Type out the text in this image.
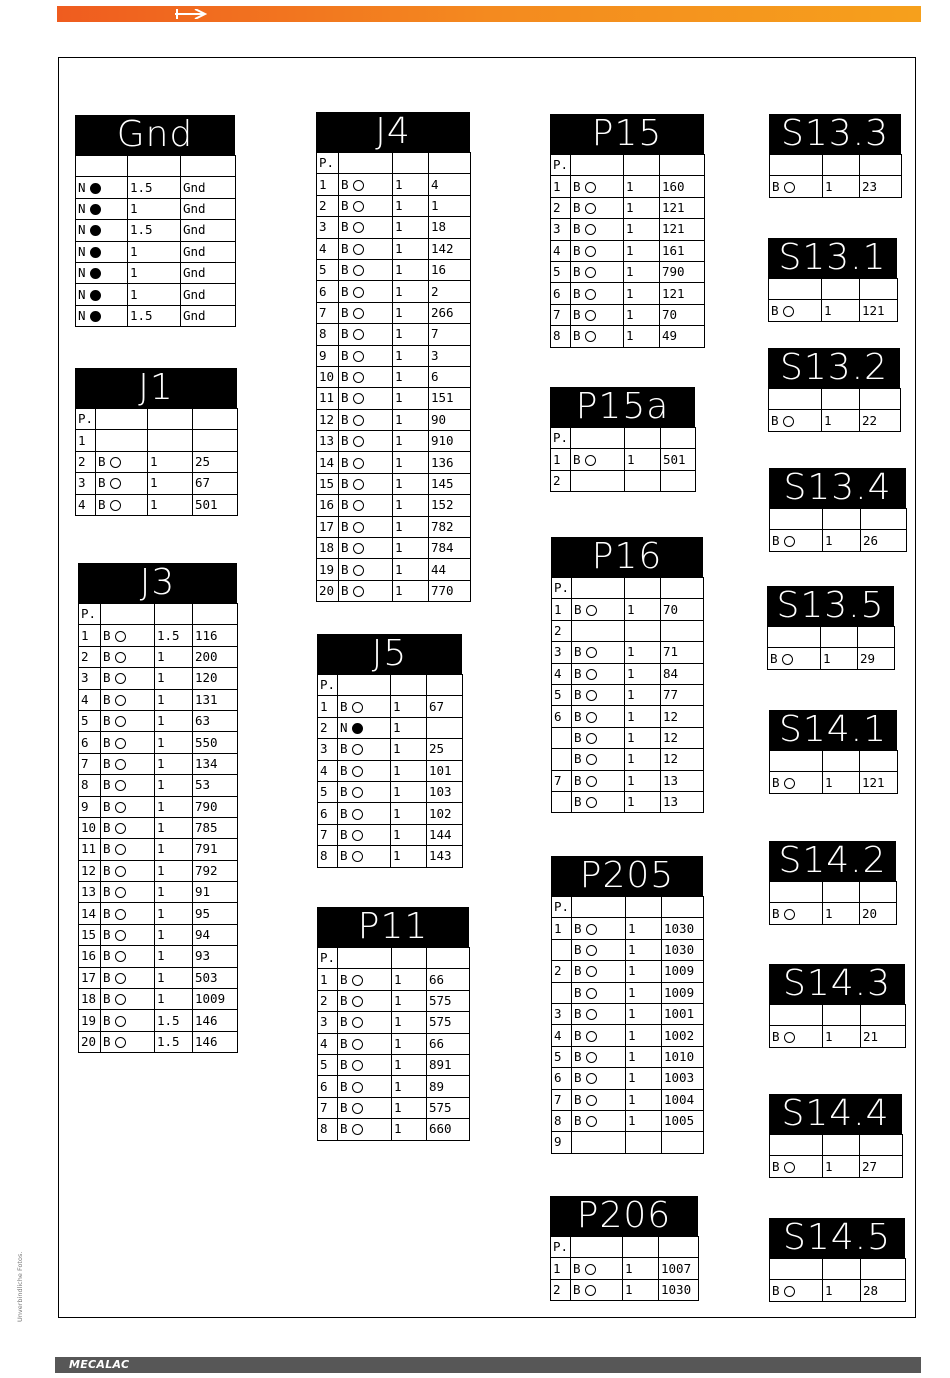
Gnd

N	1.5	Gnd
N	1	Gnd
N	1.5	Gnd
N	1	Gnd
N	1	Gnd
N	1	Gnd
N	1.5	Gnd
J1
P.			
1			
2	B	1	25
3	B	1	67
4	B	1	501
J3
P.			
1	B	1.5	116
2	B	1	200
3	B	1	120
4	B	1	131
5	B	1	63
6	B	1	550
7	B	1	134
8	B	1	53
9	B	1	790
10	B	1	785
11	B	1	791
12	B	1	792
13	B	1	91
14	B	1	95
15	B	1	94
16	B	1	93
17	B	1	503
18	B	1	1009
19	B	1.5	146
20	B	1.5	146
J4
P.			
1	B	1	4
2	B	1	1
3	B	1	18
4	B	1	142
5	B	1	16
6	B	1	2
7	B	1	266
8	B	1	7
9	B	1	3
10	B	1	6
11	B	1	151
12	B	1	90
13	B	1	910
14	B	1	136
15	B	1	145
16	B	1	152
17	B	1	782
18	B	1	784
19	B	1	44
20	B	1	770
J5
P.			
1	B	1	67
2	N	1	
3	B	1	25
4	B	1	101
5	B	1	103
6	B	1	102
7	B	1	144
8	B	1	143
P11
P.			
1	B	1	66
2	B	1	575
3	B	1	575
4	B	1	66
5	B	1	891
6	B	1	89
7	B	1	575
8	B	1	660
P15
P.			
1	B	1	160
2	B	1	121
3	B	1	121
4	B	1	161
5	B	1	790
6	B	1	121
7	B	1	70
8	B	1	49
P15a
P.			
1	B	1	501
2			
P16
P.			
1	B	1	70
2			
3	B	1	71
4	B	1	84
5	B	1	77
6	B	1	12
	B	1	12
	B	1	12
7	B	1	13
	B	1	13
P205
P.			
1	B	1	1030
	B	1	1030
2	B	1	1009
	B	1	1009
3	B	1	1001
4	B	1	1002
5	B	1	1010
6	B	1	1003
7	B	1	1004
8	B	1	1005
9			
P206
P.			
1	B	1	1007
2	B	1	1030
S13.3

B	1	23
S13.1

B	1	121
S13.2

B	1	22
S13.4

B	1	26
S13.5

B	1	29
S14.1

B	1	121
S14.2

B	1	20
S14.3

B	1	21
S14.4

B	1	27
S14.5

B	1	28
Unverbindliche Fotos.
MECALAC
